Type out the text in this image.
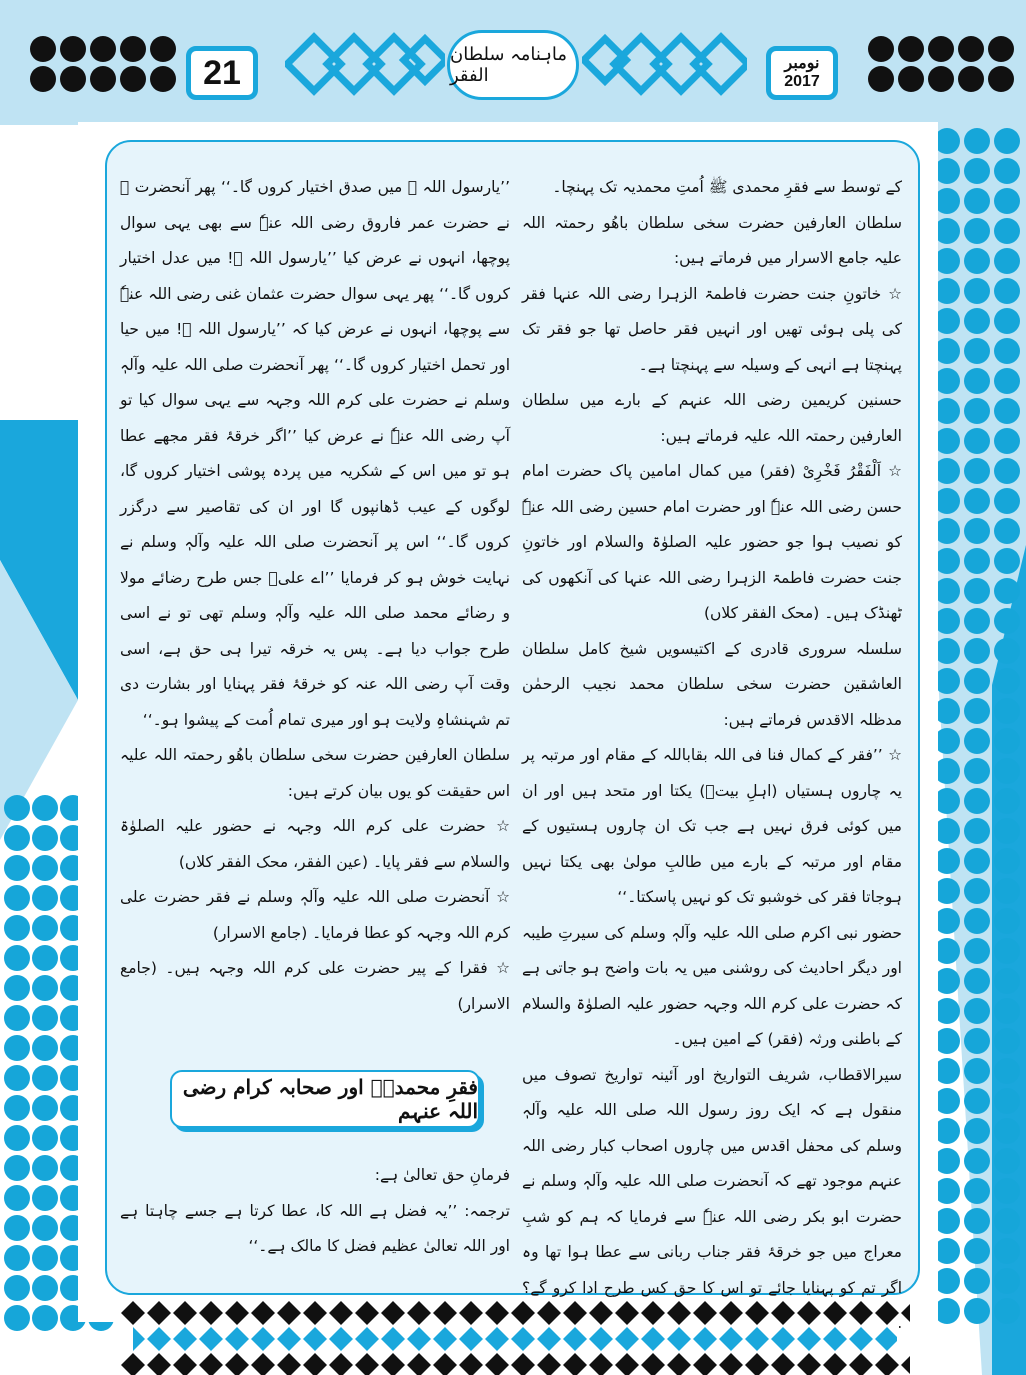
21	نومبر
2017
ماہنامہ سلطان الفقر

کے توسط سے فقرِ محمدی ﷺ اُمتِ محمدیہ تک پہنچا۔

سلطان العارفین حضرت سخی سلطان باھُو رحمتہ اللہ علیہ جامع الاسرار میں فرماتے ہیں:

☆ خاتونِ جنت حضرت فاطمۃ الزہرا رضی اللہ عنہا فقر کی پلی ہوئی تھیں اور انہیں فقر حاصل تھا جو فقر تک پہنچتا ہے انہی کے وسیلہ سے پہنچتا ہے۔

حسنین کریمین رضی اللہ عنہم کے بارے میں سلطان العارفین رحمتہ اللہ علیہ فرماتے ہیں:

☆ اَلْفَقْرُ فَخْرِیْ (فقر) میں کمال امامین پاک حضرت امام حسن رضی اللہ عنہٗ اور حضرت امام حسین رضی اللہ عنہٗ کو نصیب ہوا جو حضور علیہ الصلوٰۃ والسلام اور خاتونِ جنت حضرت فاطمۃ الزہرا رضی اللہ عنہا کی آنکھوں کی ٹھنڈک ہیں۔ (محک الفقر کلاں)

سلسلہ سروری قادری کے اکتیسویں شیخ کامل سلطان العاشقین حضرت سخی سلطان محمد نجیب الرحمٰن مدظلہ الاقدس فرماتے ہیں:

☆ ’’فقر کے کمال فنا فی اللہ بقاباللہ کے مقام اور مرتبہ پر یہ چاروں ہستیاں (اہلِ بیتؓ) یکتا اور متحد ہیں اور ان میں کوئی فرق نہیں ہے جب تک ان چاروں ہستیوں کے مقام اور مرتبہ کے بارے میں طالبِ مولیٰ بھی یکتا نہیں ہوجاتا فقر کی خوشبو تک کو نہیں پاسکتا۔‘‘

حضور نبی اکرم صلی اللہ علیہ وآلہٖ وسلم کی سیرتِ طیبہ اور دیگر احادیث کی روشنی میں یہ بات واضح ہو جاتی ہے کہ حضرت علی کرم اللہ وجہہ حضور علیہ الصلوٰۃ والسلام کے باطنی ورثہ (فقر) کے امین ہیں۔

سیرالاقطاب، شریف التواریخ اور آئینہ تواریخ تصوف میں منقول ہے کہ ایک روز رسول اللہ صلی اللہ علیہ وآلہٖ وسلم کی محفل اقدس میں چاروں اصحاب کبار رضی اللہ عنہم موجود تھے کہ آنحضرت صلی اللہ علیہ وآلہٖ وسلم نے حضرت ابو بکر رضی اللہ عنہٗ سے فرمایا کہ ہم کو شبِ معراج میں جو خرقۂ فقر جناب ربانی سے عطا ہوا تھا وہ اگر تم کو پہنایا جائے تو اس کا حق کس طرح ادا کرو گے؟

’’یارسول اللہ ﷺ میں صدق اختیار کروں گا۔‘‘ پھر آنحضرت ﷺ نے حضرت عمر فاروق رضی اللہ عنہٗ سے بھی یہی سوال پوچھا، انہوں نے عرض کیا ’’یارسول اللہ ﷺ! میں عدل اختیار کروں گا۔‘‘ پھر یہی سوال حضرت عثمان غنی رضی اللہ عنہٗ سے پوچھا، انہوں نے عرض کیا کہ ’’یارسول اللہ ﷺ! میں حیا اور تحمل اختیار کروں گا۔‘‘ پھر آنحضرت صلی اللہ علیہ وآلہٖ وسلم نے حضرت علی کرم اللہ وجہہ سے یہی سوال کیا تو آپ رضی اللہ عنہٗ نے عرض کیا ’’اگر خرقۂ فقر مجھے عطا ہو تو میں اس کے شکریہ میں پردہ پوشی اختیار کروں گا، لوگوں کے عیب ڈھانپوں گا اور ان کی تقاصیر سے درگزر کروں گا۔‘‘ اس پر آنحضرت صلی اللہ علیہ وآلہٖ وسلم نے نہایت خوش ہو کر فرمایا ’’اے علیؓ جس طرح رضائے مولا و رضائے محمد صلی اللہ علیہ وآلہٖ وسلم تھی تو نے اسی طرح جواب دیا ہے۔ پس یہ خرقہ تیرا ہی حق ہے، اسی وقت آپ رضی اللہ عنہ کو خرقۂ فقر پہنایا اور بشارت دی تم شہنشاہِ ولایت ہو اور میری تمام اُمت کے پیشوا ہو۔‘‘

سلطان العارفین حضرت سخی سلطان باھُو رحمتہ اللہ علیہ اس حقیقت کو یوں بیان کرتے ہیں:

☆ حضرت علی کرم اللہ وجہہ نے حضور علیہ الصلوٰۃ والسلام سے فقر پایا۔ (عین الفقر، محک الفقر کلاں)

☆ آنحضرت صلی اللہ علیہ وآلہٖ وسلم نے فقر حضرت علی کرم اللہ وجہہ کو عطا فرمایا۔ (جامع الاسرار)

☆ فقرا کے پیر حضرت علی کرم اللہ وجہہ ہیں۔ (جامع الاسرار)

فقرِ محمدیؐ اور صحابہ کرام رضی اللہ عنہم

فرمانِ حق تعالیٰ ہے:

ترجمہ: ’’یہ فضل ہے اللہ کا، عطا کرتا ہے جسے چاہتا ہے اور اللہ تعالیٰ عظیم فضل کا مالک ہے۔‘‘
